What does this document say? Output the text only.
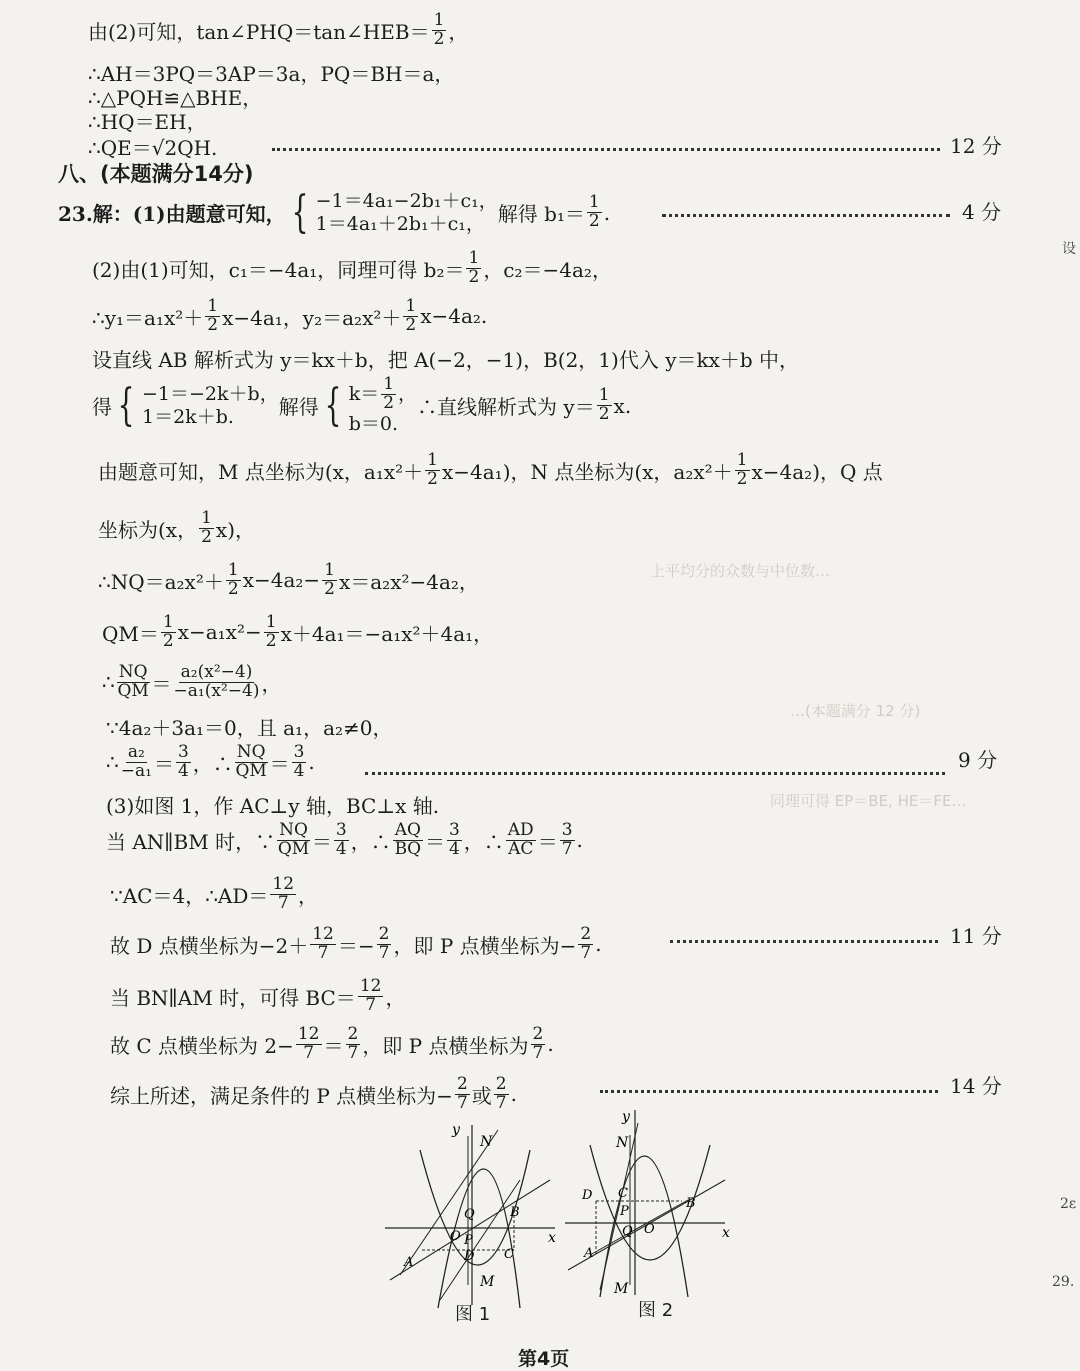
…(本题满分 12 分)
同理可得 EP＝BE, HE＝FE…
上平均分的众数与中位数…
由(2)可知，tan∠PHQ＝tan∠HEB＝ $\frac{1}{2}$ ，
∴AH＝3PQ＝3AP＝3a，PQ＝BH＝a，
∴△PQH≌△BHE，
∴HQ＝EH，
∴QE＝√2QH.	12 分
八、(本题满分14分)
23.解：(1)由题意可知， { −1＝4a₁−2b₁＋c₁，
1＝4a₁＋2b₁＋c₁， 解得 $b_1= \frac{1}{2}$ .	4 分
(2)由(1)可知，c₁＝−4a₁，同理可得 $b_2= \frac{1}{2}$ ，c₂＝−4a₂，
∴y₁＝a₁x²＋ $\frac{1}{2} x-4a_1$，$y_2=a_2x^2+ \frac{1}{2} x-4a_2$.
设直线 AB 解析式为 y＝kx＋b，把 A(−2，−1)，B(2，1)代入 y＝kx＋b 中，
得 { −1＝−2k＋b，
1＝2k＋b.	解得 { $k= \frac{1}{2}$ ，
b＝0.
∴直线解析式为 $y= \frac{1}{2} x$.
由题意可知，M 点坐标为(x，$a_1x^2+ \frac{1}{2} x-4a_1$)，N 点坐标为(x，$a_2x^2+ \frac{1}{2} x-4a_2$)，Q 点
坐标为(x， $\frac{1}{2} x$)，
∴NQ＝a₂x²＋ $\frac{1}{2} x-4a_2- \frac{1}{2} x=a_2x^2-4a_2$，
$QM= \frac{1}{2} x-a_1x^2- \frac{1}{2} x+4a_1=-a_1x^2+4a_1$，
∴ $\frac{NQ}{QM} = \frac{\text{a₂(x²−4)}}{\text{−a₁(x²−4)}}$ ，
∵4a₂＋3a₁＝0，且 a₁，a₂≠0，
∴ $\frac{\text{a₂}}{\text{−a₁}} = \frac{3}{4}$ ，∴ $\frac{NQ}{QM} = \frac{3}{4}$ .	9 分
(3)如图 1，作 AC⊥y 轴，BC⊥x 轴.
当 AN∥BM 时，∵ $\frac{NQ}{QM} = \frac{3}{4}$ ，∴ $\frac{AQ}{BQ} = \frac{3}{4}$ ，∴ $\frac{AD}{AC} = \frac{3}{7}$ .
∵AC＝4，∴AD＝ $\frac{12}{7}$ ，
故 D 点横坐标为$-2+ \frac{12}{7} =- \frac{2}{7}$ ，即 P 点横坐标为− $\frac{2}{7}$ .	11 分
当 BN∥AM 时，可得 $BC= \frac{12}{7}$ ，
故 C 点横坐标为 $2- \frac{12}{7} = \frac{2}{7}$ ，即 P 点横坐标为 $\frac{2}{7}$ .
综上所述，满足条件的 P 点横坐标为− $\frac{2}{7}$ 或 $\frac{2}{7}$ .	14 分
y
x
N
Q	B
O P
D C
A
M
图 1
y
x
N
D C
B
P
O
Q
A
M
图 2
第4页
设
2ε
29.
